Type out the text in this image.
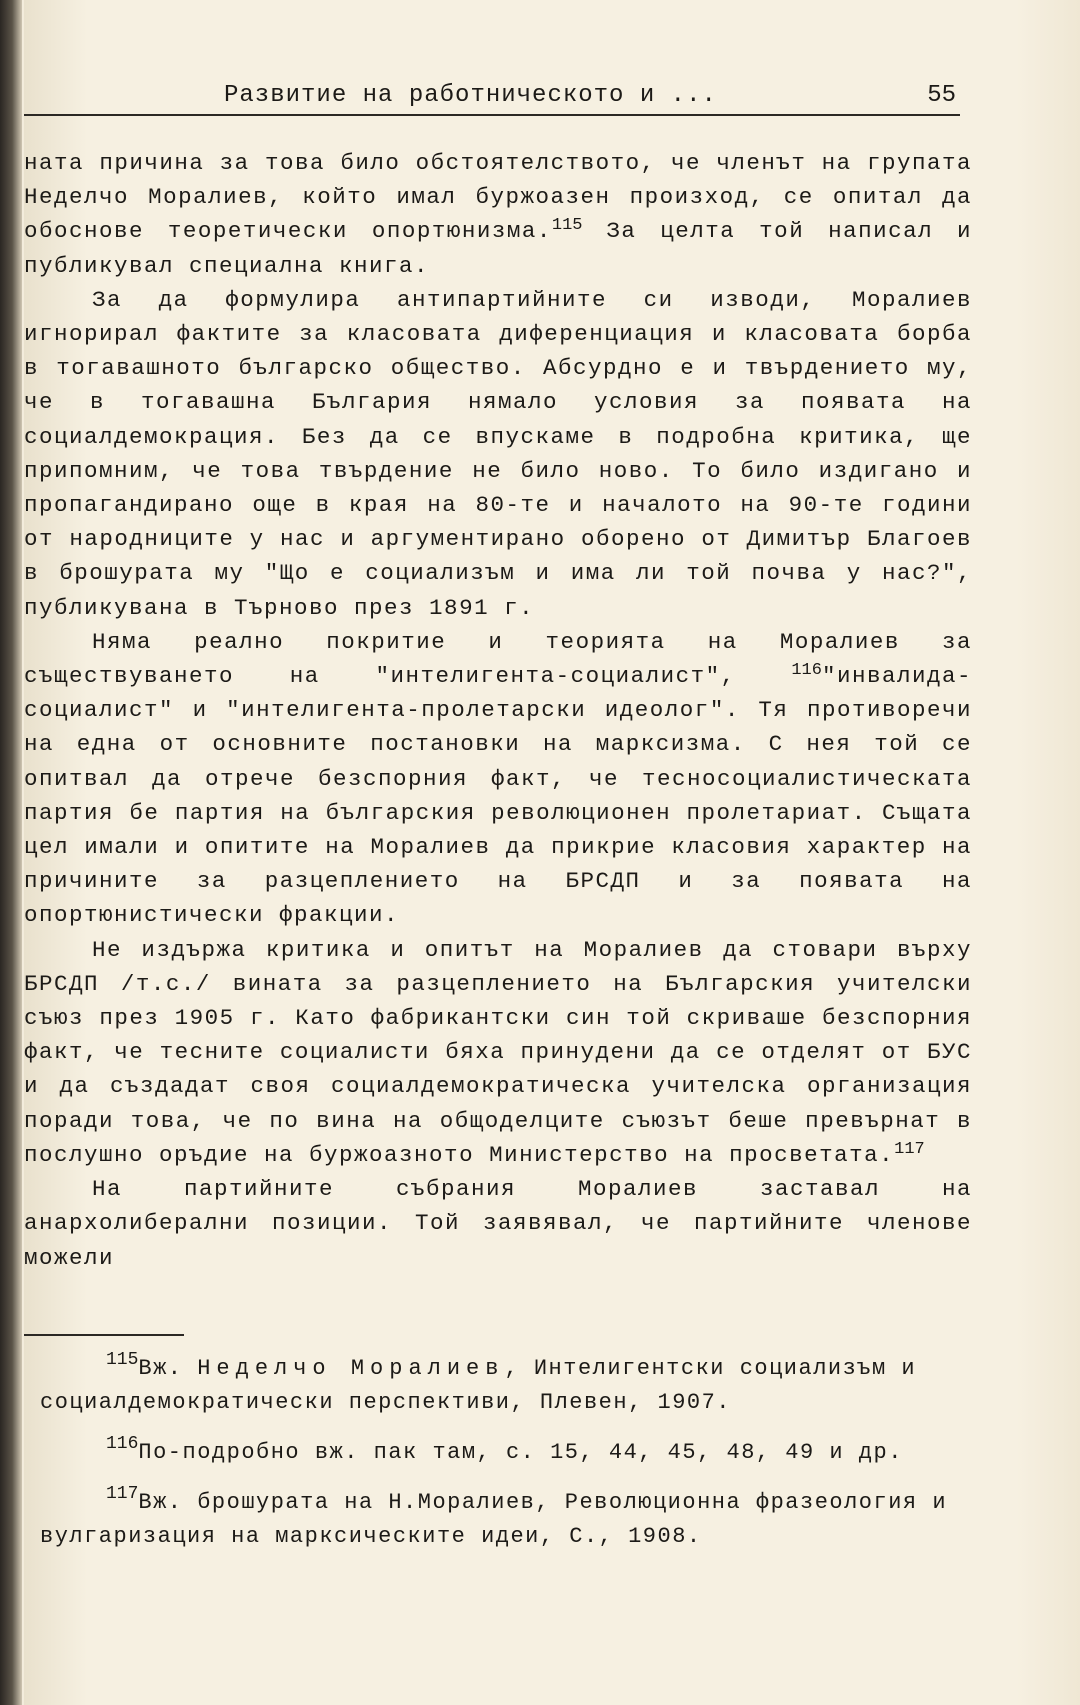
Развитие на работническото и ...	55

ната причина за това било обстоятелството, че членът на групата Неделчо Моралиев, който имал буржоазен произход, се опитал да обоснове теоретически опортюнизма.$^{115}$ За целта той написал и публикувал специална книга.

За да формулира антипартийните си изводи, Моралиев игнорирал фактите за класовата диференциация и класовата борба в тогавашното българско общество. Абсурдно е и твърдението му, че в тогавашна България нямало условия за появата на социалдемокрация. Без да се впускаме в подробна критика, ще припомним, че това твърдение не било ново. То било издигано и пропагандирано още в края на 80-те и началото на 90-те години от народниците у нас и аргументирано оборено от Димитър Благоев в брошурата му "Що е социализъм и има ли той почва у нас?", публикувана в Търново през 1891 г.

Няма реално покритие и теорията на Моралиев за съществуването на "интелигента-социалист", $^{116}$"инвалида-социалист" и "интелигента-пролетарски идеолог". Тя противоречи на една от основните постановки на марксизма. С нея той се опитвал да отрече безспорния факт, че тесносоциалистическата партия бе партия на българския революционен пролетариат. Същата цел имали и опитите на Моралиев да прикрие класовия характер на причините за разцеплението на БРСДП и за появата на опортюнистически фракции.

Не издържа критика и опитът на Моралиев да стовари върху БРСДП /т.с./ вината за разцеплението на Българския учителски съюз през 1905 г. Като фабрикантски син той скриваше безспорния факт, че тесните социалисти бяха принудени да се отделят от БУС и да създадат своя социалдемократическа учителска организация поради това, че по вина на общоделците съюзът беше превърнат в послушно оръдие на буржоазното Министерство на просветата.$^{117}$

На партийните събрания Моралиев заставал на анархолиберални позиции. Той заявявал, че партийните членове можели

$^{115}$Вж. Неделчо Моралиев, Интелигентски социализъм и социалдемократически перспективи, Плевен, 1907.

$^{116}$По-подробно вж. пак там, с. 15, 44, 45, 48, 49 и др.

$^{117}$Вж. брошурата на Н.Моралиев, Революционна фразеология и вулгаризация на марксическите идеи, С., 1908.
